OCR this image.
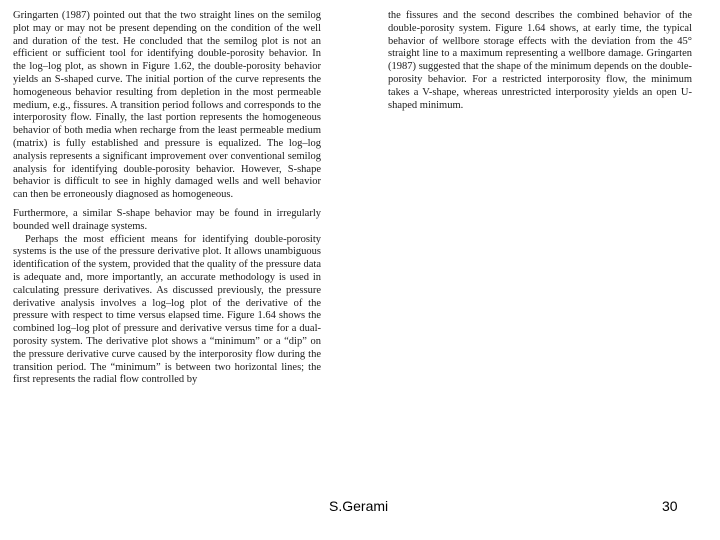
Gringarten (1987) pointed out that the two straight lines on the semilog plot may or may not be present depending on the condition of the well and duration of the test. He concluded that the semilog plot is not an efficient or sufficient tool for identifying double-porosity behavior. In the log–log plot, as shown in Figure 1.62, the double-porosity behavior yields an S-shaped curve. The initial portion of the curve represents the homogeneous behavior resulting from depletion in the most permeable medium, e.g., fissures. A transition period follows and corresponds to the interporosity flow. Finally, the last portion represents the homogeneous behavior of both media when recharge from the least permeable medium (matrix) is fully established and pressure is equalized. The log–log analysis represents a significant improvement over conventional semilog analysis for identifying double-porosity behavior. However, S-shape behavior is difficult to see in highly damaged wells and well behavior can then be erroneously diagnosed as homogeneous.

Furthermore, a similar S-shape behavior may be found in irregularly bounded well drainage systems.

Perhaps the most efficient means for identifying double-porosity systems is the use of the pressure derivative plot. It allows unambiguous identification of the system, provided that the quality of the pressure data is adequate and, more importantly, an accurate methodology is used in calculating pressure derivatives. As discussed previously, the pressure derivative analysis involves a log–log plot of the derivative of the pressure with respect to time versus elapsed time. Figure 1.64 shows the combined log–log plot of pressure and derivative versus time for a dual-porosity system. The derivative plot shows a “minimum” or a “dip” on the pressure derivative curve caused by the interporosity flow during the transition period. The “minimum” is between two horizontal lines; the first represents the radial flow controlled by

the fissures and the second describes the combined behavior of the double-porosity system. Figure 1.64 shows, at early time, the typical behavior of wellbore storage effects with the deviation from the 45° straight line to a maximum representing a wellbore damage. Gringarten (1987) suggested that the shape of the minimum depends on the double-porosity behavior. For a restricted interporosity flow, the minimum takes a V-shape, whereas unrestricted interporosity yields an open U-shaped minimum.

S.Gerami	30
